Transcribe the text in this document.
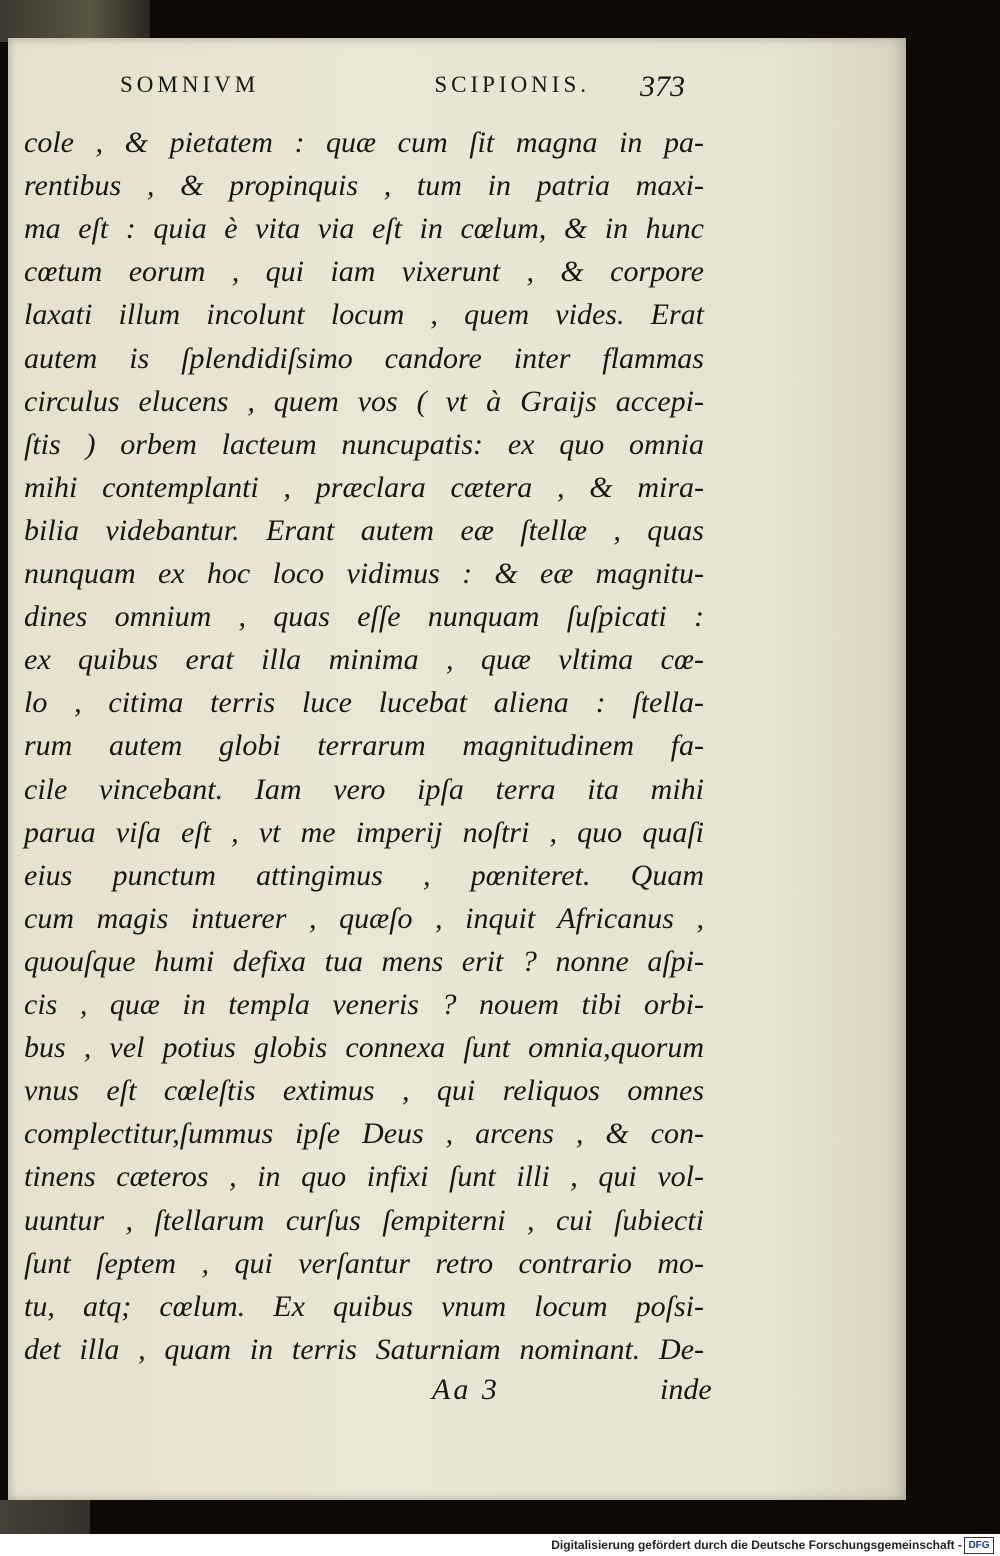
SOMNIVM	SCIPIONIS. 373
cole , & pietatem : quæ cum ſit magna in pa-
rentibus , & propinquis , tum in patria maxi-
ma eſt : quia è vita via eſt in cœlum, & in hunc
cœtum eorum , qui iam vixerunt , & corpore
laxati illum incolunt locum , quem vides. Erat
autem is ſplendidiſsimo candore inter flammas
circulus elucens , quem vos ( vt à Graijs accepi-
ſtis ) orbem lacteum nuncupatis: ex quo omnia
mihi contemplanti , præclara cætera , & mira-
bilia videbantur. Erant autem eæ ſtellæ , quas
nunquam ex hoc loco vidimus : & eæ magnitu-
dines omnium , quas eſſe nunquam ſuſpicati :
ex quibus erat illa minima , quæ vltima cœ-
lo , citima terris luce lucebat aliena : ſtella-
rum autem globi terrarum magnitudinem fa-
cile vincebant. Iam vero ipſa terra ita mihi
parua viſa eſt , vt me imperij noſtri , quo quaſi
eius punctum attingimus , pœniteret. Quam
cum magis intuerer , quæſo , inquit Africanus ,
quouſque humi defixa tua mens erit ? nonne aſpi-
cis , quæ in templa veneris ? nouem tibi orbi-
bus , vel potius globis connexa ſunt omnia,quorum
vnus eſt cœleſtis extimus , qui reliquos omnes
complectitur,ſummus ipſe Deus , arcens , & con-
tinens cæteros , in quo infixi ſunt illi , qui vol-
uuntur , ſtellarum curſus ſempiterni , cui ſubiecti
ſunt ſeptem , qui verſantur retro contrario mo-
tu, atq; cœlum. Ex quibus vnum locum poſsi-
det illa , quam in terris Saturniam nominant. De-
Aa 3	inde
Digitalisierung gefördert durch die Deutsche Forschungsgemeinschaft - DFG
